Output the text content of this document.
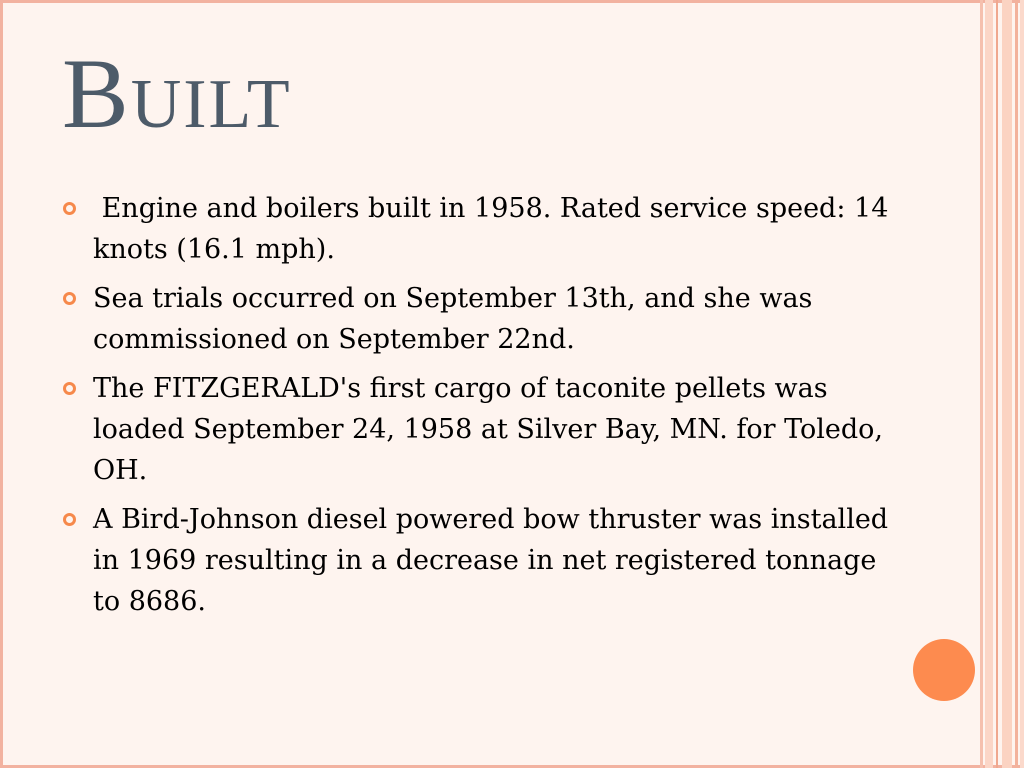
Built
Engine and boilers built in 1958. Rated service speed: 14 knots (16.1 mph).
Sea trials occurred on September 13th, and she was commissioned on September 22nd.
The FITZGERALD's first cargo of taconite pellets was loaded September 24, 1958 at Silver Bay, MN. for Toledo, OH.
A Bird-Johnson diesel powered bow thruster was installed in 1969 resulting in a decrease in net registered tonnage to 8686.
